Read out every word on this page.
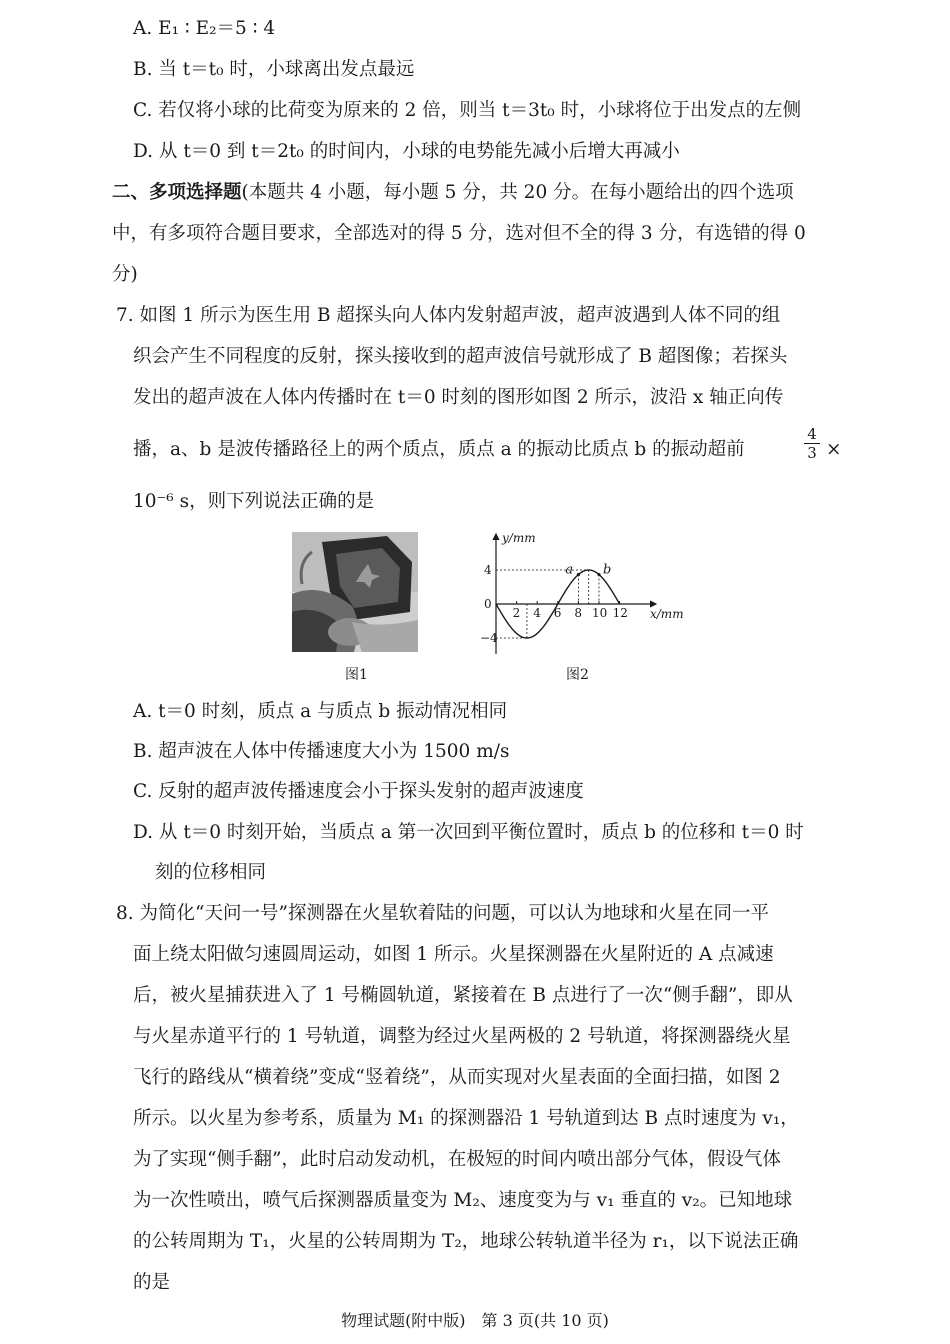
A. E₁ ∶ E₂＝5 ∶ 4
B. 当 t＝t₀ 时，小球离出发点最远
C. 若仅将小球的比荷变为原来的 2 倍，则当 t＝3t₀ 时，小球将位于出发点的左侧
D. 从 t＝0 到 t＝2t₀ 的时间内，小球的电势能先减小后增大再减小
二、多项选择题(本题共 4 小题，每小题 5 分，共 20 分。在每小题给出的四个选项
中，有多项符合题目要求，全部选对的得 5 分，选对但不全的得 3 分，有选错的得 0
分)
7. 如图 1 所示为医生用 B 超探头向人体内发射超声波，超声波遇到人体不同的组
织会产生不同程度的反射，探头接收到的超声波信号就形成了 B 超图像；若探头
发出的超声波在人体内传播时在 t＝0 时刻的图形如图 2 所示，波沿 x 轴正向传
播，a、b 是波传播路径上的两个质点，质点 a 的振动比质点 b 的振动超前	$\frac{4}{3}$ ×
10⁻⁶ s，则下列说法正确的是
图1
y/mm
x/mm
2 4 6 8 10 12
4
0
−4
a b
图2
A. t＝0 时刻，质点 a 与质点 b 振动情况相同
B. 超声波在人体中传播速度大小为 1500 m/s
C. 反射的超声波传播速度会小于探头发射的超声波速度
D. 从 t＝0 时刻开始，当质点 a 第一次回到平衡位置时，质点 b 的位移和 t＝0 时
刻的位移相同
8. 为简化“天问一号”探测器在火星软着陆的问题，可以认为地球和火星在同一平
面上绕太阳做匀速圆周运动，如图 1 所示。火星探测器在火星附近的 A 点减速
后，被火星捕获进入了 1 号椭圆轨道，紧接着在 B 点进行了一次“侧手翻”，即从
与火星赤道平行的 1 号轨道，调整为经过火星两极的 2 号轨道，将探测器绕火星
飞行的路线从“横着绕”变成“竖着绕”，从而实现对火星表面的全面扫描，如图 2
所示。以火星为参考系，质量为 M₁ 的探测器沿 1 号轨道到达 B 点时速度为 v₁，
为了实现“侧手翻”，此时启动发动机，在极短的时间内喷出部分气体，假设气体
为一次性喷出，喷气后探测器质量变为 M₂、速度变为与 v₁ 垂直的 v₂。已知地球
的公转周期为 T₁，火星的公转周期为 T₂，地球公转轨道半径为 r₁，以下说法正确
的是
物理试题(附中版)　第 3 页(共 10 页)
